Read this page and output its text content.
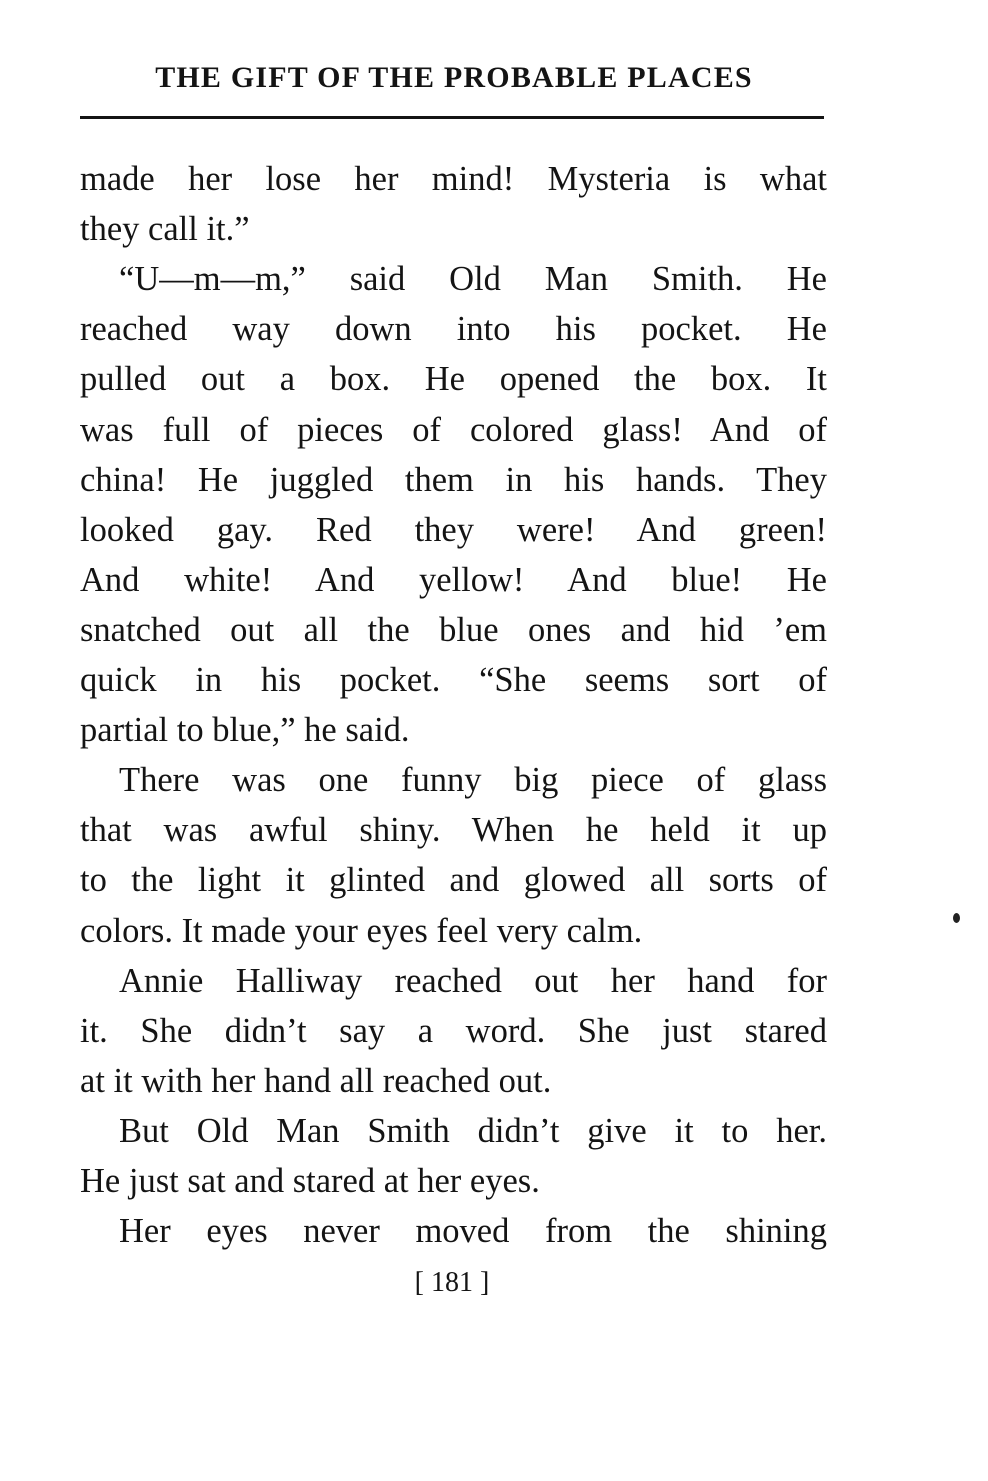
THE GIFT OF THE PROBABLE PLACES
made her lose her mind! Mysteria is what
they call it.”
“U—m—m,” said Old Man Smith. He
reached way down into his pocket. He
pulled out a box. He opened the box. It
was full of pieces of colored glass! And of
china! He juggled them in his hands. They
looked gay. Red they were! And green!
And white! And yellow! And blue! He
snatched out all the blue ones and hid ’em
quick in his pocket. “She seems sort of
partial to blue,” he said.
There was one funny big piece of glass
that was awful shiny. When he held it up
to the light it glinted and glowed all sorts of
colors. It made your eyes feel very calm.
Annie Halliway reached out her hand for
it. She didn’t say a word. She just stared
at it with her hand all reached out.
But Old Man Smith didn’t give it to her.
He just sat and stared at her eyes.
Her eyes never moved from the shining
[ 181 ]
